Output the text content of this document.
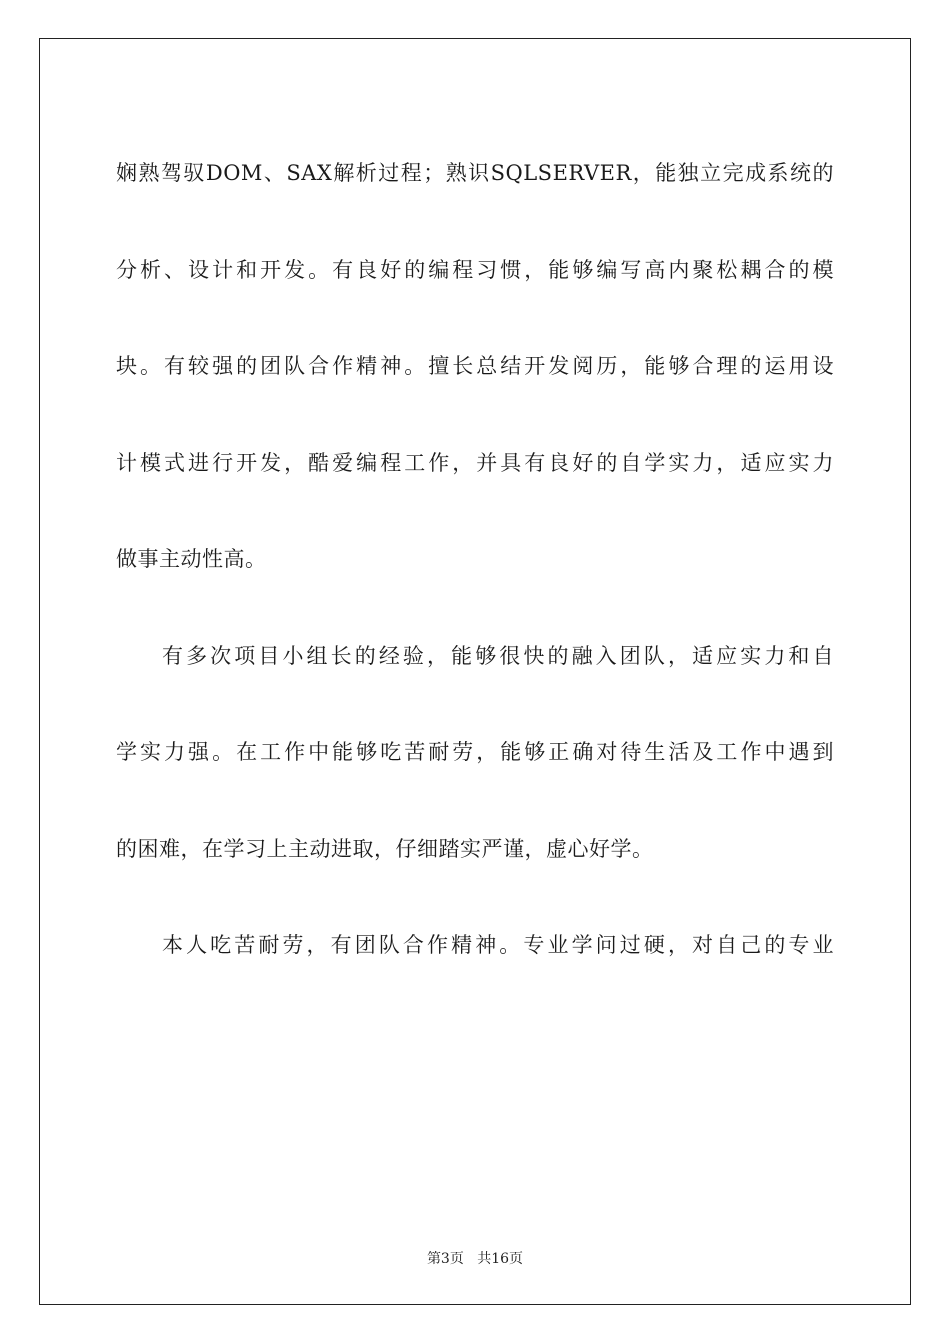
娴熟驾驭DOM、SAX解析过程；熟识SQLSERVER，能独立完成系统的
分析、设计和开发。有良好的编程习惯，能够编写高内聚松耦合的模
块。有较强的团队合作精神。擅长总结开发阅历，能够合理的运用设
计模式进行开发，酷爱编程工作，并具有良好的自学实力，适应实力
做事主动性高。
有多次项目小组长的经验，能够很快的融入团队，适应实力和自
学实力强。在工作中能够吃苦耐劳，能够正确对待生活及工作中遇到
的困难，在学习上主动进取，仔细踏实严谨，虚心好学。
本人吃苦耐劳，有团队合作精神。专业学问过硬，对自己的专业
第3页 共16页
